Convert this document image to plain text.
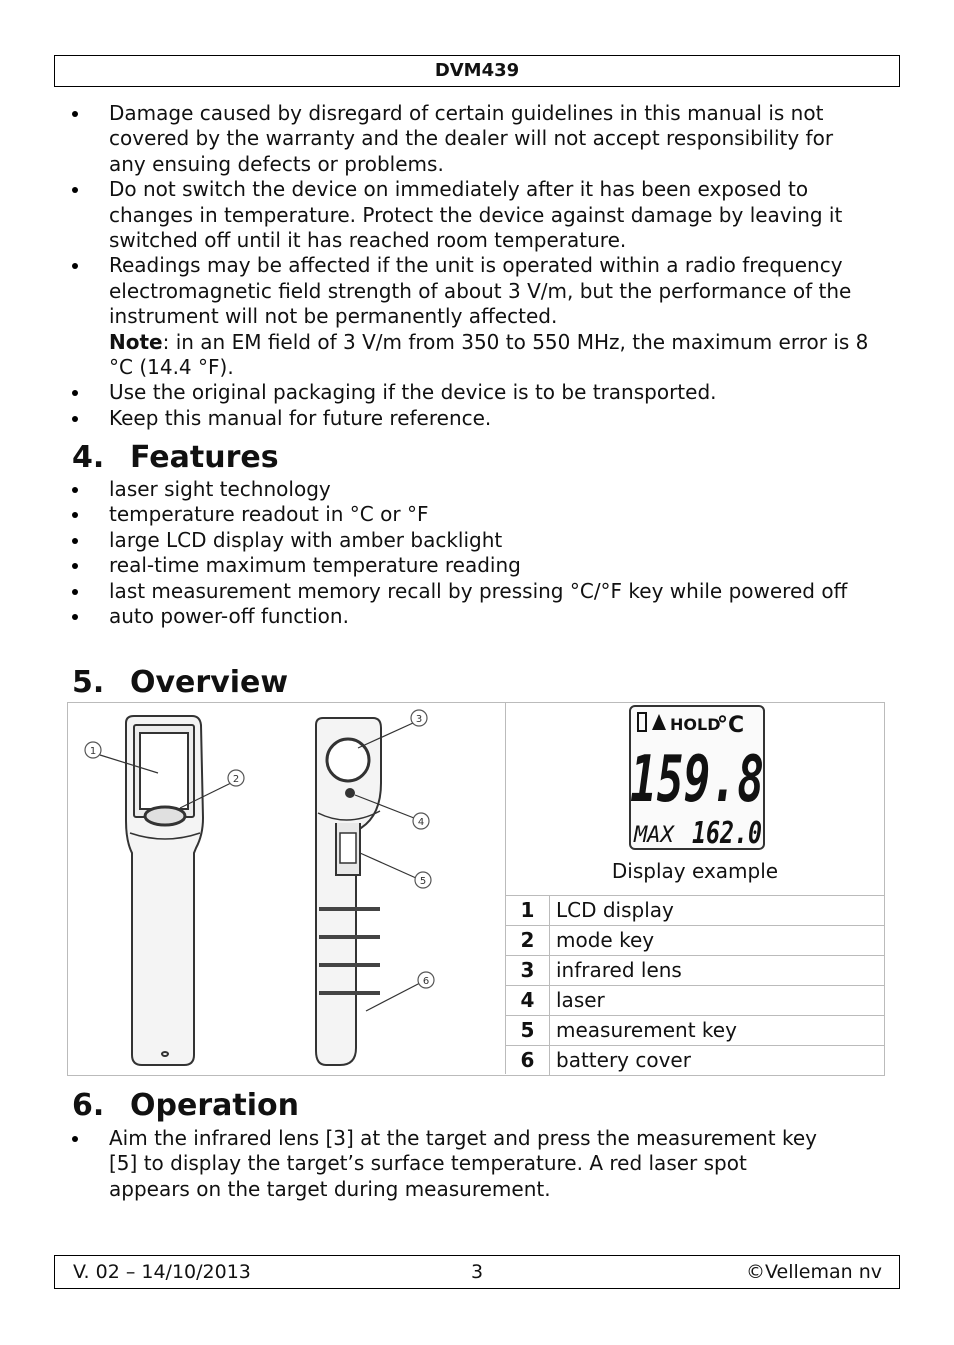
DVM439
Damage caused by disregard of certain guidelines in this manual is not covered by the warranty and the dealer will not accept responsibility for any ensuing defects or problems.
Do not switch the device on immediately after it has been exposed to changes in temperature. Protect the device against damage by leaving it switched off until it has reached room temperature.
Readings may be affected if the unit is operated within a radio frequency electromagnetic field strength of about 3 V/m, but the performance of the instrument will not be permanently affected.
Note: in an EM field of 3 V/m from 350 to 550 MHz, the maximum error is 8 °C (14.4 °F).
Use the original packaging if the device is to be transported.
Keep this manual for future reference.
4. Features
laser sight technology
temperature readout in °C or °F
large LCD display with amber backlight
real-time maximum temperature reading
last measurement memory recall by pressing °C/°F key while powered off
auto power-off function.
5. Overview
1
2
3
4
5
6
HOLD
°C
159.8
MAX 162.0
Display example
1	LCD display
2	mode key
3	infrared lens
4	laser
5	measurement key
6	battery cover
6. Operation
Aim the infrared lens [3] at the target and press the measurement key [5] to display the target’s surface temperature. A red laser spot appears on the target during measurement.
V. 02 – 14/10/2013	3	©Velleman nv
